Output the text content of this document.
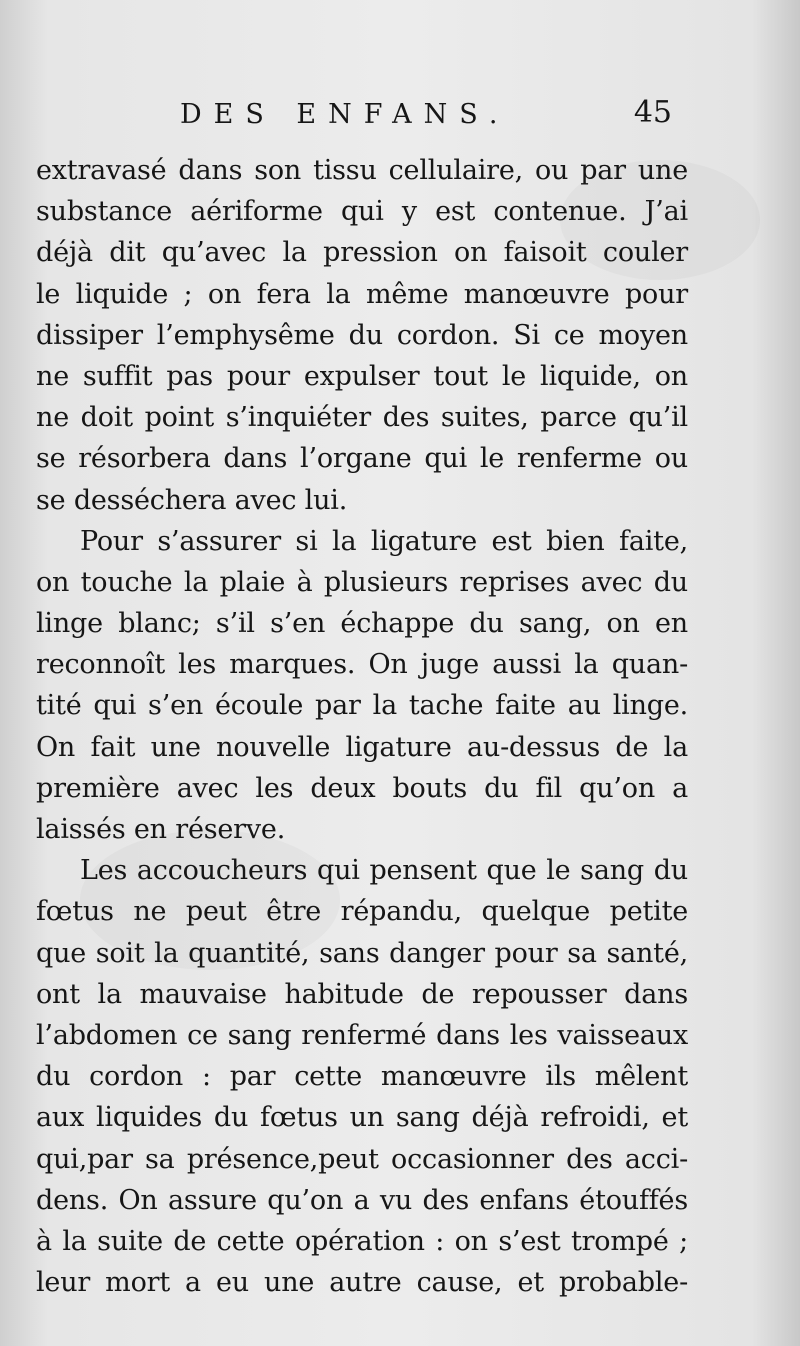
DES ENFANS.	45
extravasé dans son tissu cellulaire, ou par une
substance aériforme qui y est contenue. J’ai
déjà dit qu’avec la pression on faisoit couler
le liquide ; on fera la même manœuvre pour
dissiper l’emphysême du cordon. Si ce moyen
ne suffit pas pour expulser tout le liquide, on
ne doit point s’inquiéter des suites, parce qu’il
se résorbera dans l’organe qui le renferme ou
se desséchera avec lui.
Pour s’assurer si la ligature est bien faite,
on touche la plaie à plusieurs reprises avec du
linge blanc; s’il s’en échappe du sang, on en
reconnoît les marques. On juge aussi la quan-
tité qui s’en écoule par la tache faite au linge.
On fait une nouvelle ligature au-dessus de la
première avec les deux bouts du fil qu’on a
laissés en réserve.
Les accoucheurs qui pensent que le sang du
fœtus ne peut être répandu, quelque petite
que soit la quantité, sans danger pour sa santé,
ont la mauvaise habitude de repousser dans
l’abdomen ce sang renfermé dans les vaisseaux
du cordon : par cette manœuvre ils mêlent
aux liquides du fœtus un sang déjà refroidi, et
qui,par sa présence,peut occasionner des acci-
dens. On assure qu’on a vu des enfans étouffés
à la suite de cette opération : on s’est trompé ;
leur mort a eu une autre cause, et probable-
